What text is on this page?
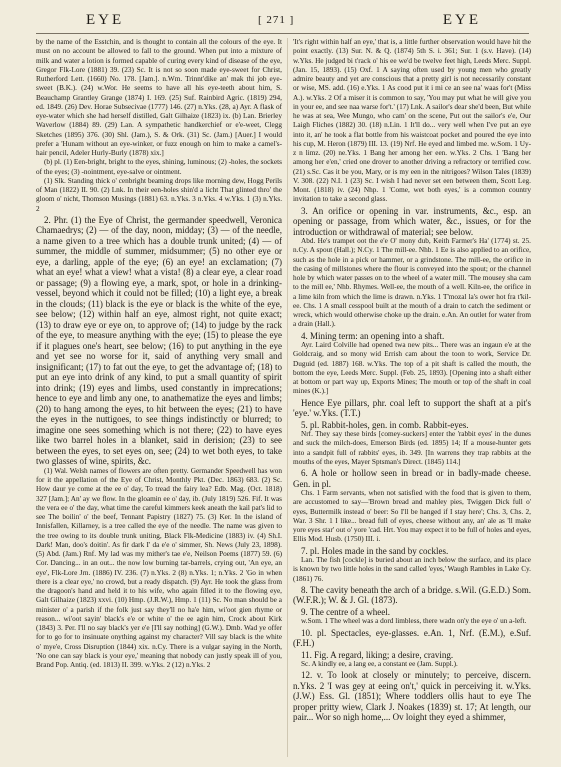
EYE	[ 271 ]	EYE

by the name of the Esstchin, and is thought to contain all the colours of the eye. It must on no account be allowed to fall to the ground. When put into a mixture of milk and water a lotion is formed capable of curing every kind of disease of the eye, Gregor Flk-Lore (1881) 39. (23) Sc. It is not so soon made eye-sweet for Christ, Rutherford Lett. (1660) No. 178. [Jam.]. n.Wm. Trinnt'dike an' mak thi job eye-sweet (B.K.). (24) w.Wor. He seems to have all his eye-teeth about him, S. Beauchamp Grantley Grange (1874) I. 169. (25) Suf. Rainbird Agric. (1819) 294, ed. 1849. (26) Dev. Horae Subsecivae (1777) 146. (27) n.Yks. (28, a) Ayr. A flask of eye-water which she had herself distilled, Galt Gilhaize (1823) ix. (b) Lan. Brierley Waverlow (1884) 89. (29) Lan. A sympathetic handkerchief or e'e-weet, Clegg Sketches (1895) 376. (30) Shl. (Jam.), S. & Ork. (31) Sc. (Jam.) [Auer.] I would prefer a 'Hunam without an eye-winker, or fuzz enough on him to make a camel's-hair pencil, Adeler Hurly-Burly (1878) xix.]

(b) pl. (1) Een-bright, bright to the eyes, shining, luminous; (2) -holes, the sockets of the eyes; (3) -nointment, eye-salve or ointment.

(1) Slk. Standing thick o' cenbright beaming drops like morning dew, Hogg Perils of Man (1822) II. 90. (2) Lnk. In their een-holes shin'd a licht That glinted thro' the gloom o' nicht, Thomson Musings (1881) 63. n.Yks. 3 n.Yks. 4 w.Yks. 1 (3) n.Yks. 2

2. Phr. (1) the Eye of Christ, the germander speedwell, Veronica Chamaedrys; (2) — of the day, noon, midday; (3) — of the needle, a name given to a tree which has a double trunk united; (4) — of summer, the middle of summer, midsummer; (5) no other eye or eye, a darling, apple of the eye; (6) an eye! an exclamation; (7) what an eye! what a view! what a vista! (8) a clear eye, a clear road or passage; (9) a flowing eye, a mark, spot, or hole in a drinking-vessel, beyond which it could not be filled; (10) a light eye, a break in the clouds; (11) black is the eye or black is the white of the eye, see below; (12) within half an eye, almost right, not quite exact; (13) to draw eye or eye on, to approve of; (14) to judge by the rack of the eye, to measure anything with the eye; (15) to please the eye if it plagues one's heart, see below; (16) to put anything in the eye and yet see no worse for it, said of anything very small and insignificant; (17) to fat out the eye, to get the advantage of; (18) to put an eye into drink of any kind, to put a small quantity of spirit into drink; (19) eyes and limbs, used constantly in imprecations; hence to eye and limb any one, to anathematize the eyes and limbs; (20) to hang among the eyes, to hit between the eyes; (21) to have the eyes in the nuttigoes, to see things indistinctly or blurred; to imagine one sees something which is not there; (22) to have eyes like two barrel holes in a blanket, said in derision; (23) to see between the eyes, to set eyes on, see; (24) to wet both eyes, to take two glasses of wine, spirits, &c.

(1) Wal. Welsh names of flowers are often pretty. Germander Speedwell has won for it the appellation of the Eye of Christ, Monthly Pkt. (Dec. 1863) 683. (2) Sc. How daur ye come at the ee o' day, To tread the fairy lea? Edb. Mag. (Oct. 1818) 327 [Jam.]; An' ay we flow. In the gloamin ee o' day, ib. (July 1819) 526. Fif. It was the vera ee o' the day, what time the careful kimmers keek aneath the kail pat's lid to see The boilin' o' the beef, Tennant Papistry (1827) 75. (3) Ker. In the island of Innisfallen, Killarney, is a tree called the eye of the needle. The name was given to the tree owing to its double trunk uniting, Black Flk-Medicine (1883) iv. (4) Sh.I. Dark! Man, doo's doitin'. As fir dark I' da e'e o' simmer, Sh. News (July 23, 1898). (5) Abd. (Jam.) Rnf. My lad was my mither's tae e'e, Neilson Poems (1877) 59. (6) Cor. Dancing... in an out... the now low burning tar-barrels, crying out, 'An eye, an eye', Flk-Lore Jrn. (1886) IV. 236. (7) n.Yks. 2 (8) n.Yks. 1; n.Yks. 2 'Go in when there is a clear eye,' no crowd, but a ready dispatch. (9) Ayr. He took the glass from the dragoon's hand and held it to his wife, who again filled it to the flowing eye, Galt Gilhaize (1823) xxvi. (10) Hmp. (J.R.W.), Hmp. 1 (11) Sc. No man should be a minister o' a parish if the folk just say they'll no ha'e him, wi'oot gien rhyme or reason... wi'oot sayin' black's e'e or white o' the ee agin him, Crock about Kirk (1843) 3. Per. I'll no say black's yer e'e [I'll say nothing] (G.W.). Dmb. Wad ye offer for to go for to insinuate onything against my character? Vill say black is the white o' mye'e, Cross Disruption (1844) xix. n.Cy. There is a vulgar saying in the North, 'No one can say black is your eye,' meaning that nobody can justly speak ill of you, Brand Pop. Antiq. (ed. 1813) II. 399. w.Yks. 2 (12) n.Yks. 2

'It's right within half an eye,' that is, a little further observation would have hit the point exactly. (13) Sur. N. & Q. (1874) 5th S. i. 361; Sur. 1 (s.v. Have). (14) w.Yks. He judged bi t'rack o' his ee we'd be twelve feet high, Leeds Merc. Suppl. (Jan. 15, 1893). (15) Oxf. 1 A saying often used by young men who greatly admire beauty and yet are conscious that a pretty girl is not necessarily constant or wise, MS. add. (16) e.Yks. 1 As cood put it i mi ce an see na' waas for't (Miss A.). w.Yks. 2 Of a miser it is common to say, 'You may put what he will give you in your ee, and see naa warse for't.' (17) Lnk. A sailor's dear she'd been, But while he was at sea, Wee Mungo, who cam' on the scene, Put out the sailor's e'e, Our Laigh Fliches (1882) 30. (18) n.Lin. 1 It'll do... very well when I've put an eye into it, an' he took a flat bottle from his waistcoat pocket and poured the eye into his cup, M. Heron (1879) III. 13. (19) Nrf. He eyed and limbed me. w.Som. 1 Uy-z n limz. (20) ne.Yks. 1 Bang her among her een. w.Yks. 2 Chs. 1 'Bang her among her e'en,' cried one drover to another driving a refractory or terrified cow. (21) s.Sc. Cas it be you, Mary, or is my een in the nitrigoes? Wilson Tales (1839) V. 308. (22) N.I. 1 (23) Sc. I wish I had never set een between them, Scott Leg. Mont. (1818) iv. (24) Nhp. 1 'Come, wet both eyes,' is a common country invitation to take a second glass.

3. An orifice or opening in var. instruments, &c., esp. an opening or passage, from which water, &c., issues, or for the introduction or withdrawal of material; see below.

Abd. He's trampet oot the e'e O' mony dub, Keith Farmer's Ha' (1774) st. 25. n.Cy. A spout (Hall.); N.Cy. 1 The mill-ee. Nhb. 1 Ee is also applied to an orifice, such as the hole in a pick or hammer, or a grindstone. The mill-ee, the orifice in the casing of millstones where the flour is conveyed into the spout; or the channel hole by which water passes on to the wheel of a water mill. 'The mousey sha cam to the mill ee,' Nhb. Rhymes. Well-ee, the mouth of a well. Kiln-ee, the orifice in a lime kiln from which the lime is drawn. n.Yks. 1 T'mozal la's ower hot fra t'kil-ee. Chs. 1 A small cesspool built at the mouth of a drain to catch the sediment or wreck, which would otherwise choke up the drain. e.An. An outlet for water from a drain (Hall.).

4. Mining term: an opening into a shaft.

Ayr. Laird Colville had opened twa new pits... There was an ingaun e'e at the Goldcraig, and so mony wid Errish cam about the toon to work, Service Dr. Duguid (ed. 1887) 168. w.Yks. The top of a pit shaft is called the mouth, the bottom the eye, Leeds Merc. Suppl. (Feb. 25, 1893). [Opening into a shaft either at bottom or part way up, Exports Mines; The mouth or top of the shaft in coal mines (K.).]

Hence Eye pillars, phr. coal left to support the shaft at a pit's 'eye.' w.Yks. (T.T.)

5. pl. Rabbit-holes, gen. in comb. Rabbit-eyes.

Nrf. They say these birds [comey-suckers] enter the 'rabbit eyes' in the dunes and suck the milch-does, Emerson Birds (ed. 1895) 14; If a mouse-hunter gets into a sandpit full of rabbits' eyes, ib. 349. [In warrens they trap rabbits at the mouths of the eyes, Mayer Sptsman's Direct. (1845) 114.]

6. A hole or hollow seen in bread or in badly-made cheese. Gen. in pl.

Chs. 1 Farm servants, when not satisfied with the food that is given to them, are accustomed to say—'Brown bread and mahley pies, Twiggen Dick full o' eyes, Buttermilk instead o' beer: So I'll be hanged if I stay here'; Chs. 3, Chs. 2, War. 3 Shr. 1 I like... bread full of eyes, cheese without any, an' ale as 'll make yore eyes star' out o' yore 'cad. Hrt. You may expect it to be full of holes and eyes, Ellis Mod. Husb. (1750) III. i.

7. pl. Holes made in the sand by cockles.

Lan. The fish [cockle] is buried about an inch below the surface, and its place is known by two little holes in the sand called 'eyes,' Waugh Rambles in Lake Cy. (1861) 76.

8. The cavity beneath the arch of a bridge. s.Wil. (G.E.D.) Som. (W.F.R.); W. & J. Gl. (1873).

9. The centre of a wheel.

w.Som. 1 The wheel was a dord limbless, there wadn on'y the eye o' un a-left.

10. pl. Spectacles, eye-glasses. e.An. 1, Nrf. (E.M.), e.Suf. (F.H.)

11. Fig. A regard, liking; a desire, craving.

Sc. A kindly ee, a lang ee, a constant ee (Jam. Suppl.).

12. v. To look at closely or minutely; to perceive, discern. n.Yks. 2 'I was gey at eeing on't,' quick in perceiving it. w.Yks. (J.W.) Ess. Gl. (1851); Where toddlers ollis haut to eye The proper pritty wiew, Clark J. Noakes (1839) st. 17; At length, our pair... Wor so nigh home,... Ov loight they eyed a shimmer,
